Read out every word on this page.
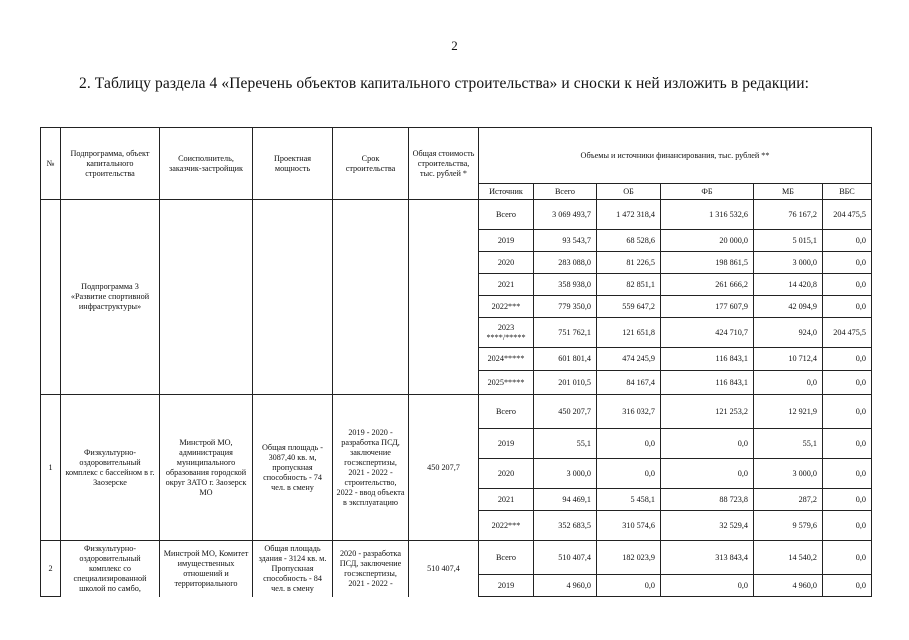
2
2. Таблицу раздела 4 «Перечень объектов капитального строительства» и сноски к ней изложить в редакции:
№	Подпрограмма, объект капитального строительства	Соисполнитель, заказчик-застройщик	Проектная мощность	Срок строительства	Общая стоимость строительства, тыс. рублей *	Объемы и источники финансирования, тыс. рублей **					
						Источник	Всего	ОБ	ФБ	МБ	ВБС
	Подпрограмма 3 «Развитие спортивной инфраструктуры»					Всего	3 069 493,7	1 472 318,4	1 316 532,6	76 167,2	204 475,5
						2019	93 543,7	68 528,6	20 000,0	5 015,1	0,0
						2020	283 088,0	81 226,5	198 861,5	3 000,0	0,0
						2021	358 938,0	82 851,1	261 666,2	14 420,8	0,0
						2022***	779 350,0	559 647,2	177 607,9	42 094,9	0,0
						2023 ****/*****	751 762,1	121 651,8	424 710,7	924,0	204 475,5
						2024*****	601 801,4	474 245,9	116 843,1	10 712,4	0,0
						2025*****	201 010,5	84 167,4	116 843,1	0,0	0,0
1	Физкультурно-оздоровительный комплекс с бассейном в г. Заозерске	Минстрой МО, администрация муниципального образования городской округ ЗАТО г. Заозерск МО	Общая площадь - 3087,40 кв. м, пропускная способность - 74 чел. в смену	2019 - 2020 - разработка ПСД, заключение госэкспертизы, 2021 - 2022 - строительство, 2022 - ввод объекта в эксплуатацию	450 207,7	Всего	450 207,7	316 032,7	121 253,2	12 921,9	0,0
						2019	55,1	0,0	0,0	55,1	0,0
						2020	3 000,0	0,0	0,0	3 000,0	0,0
						2021	94 469,1	5 458,1	88 723,8	287,2	0,0
						2022***	352 683,5	310 574,6	32 529,4	9 579,6	0,0
2	Физкультурно-оздоровительный комплекс со специализированной школой по самбо,	Минстрой МО, Комитет имущественных отношений и территориального	Общая площадь здания - 3124 кв. м. Пропускная способность - 84 чел. в смену	2020 - разработка ПСД, заключение госэкспертизы, 2021 - 2022 -	510 407,4	Всего	510 407,4	182 023,9	313 843,4	14 540,2	0,0
						2019	4 960,0	0,0	0,0	4 960,0	0,0
